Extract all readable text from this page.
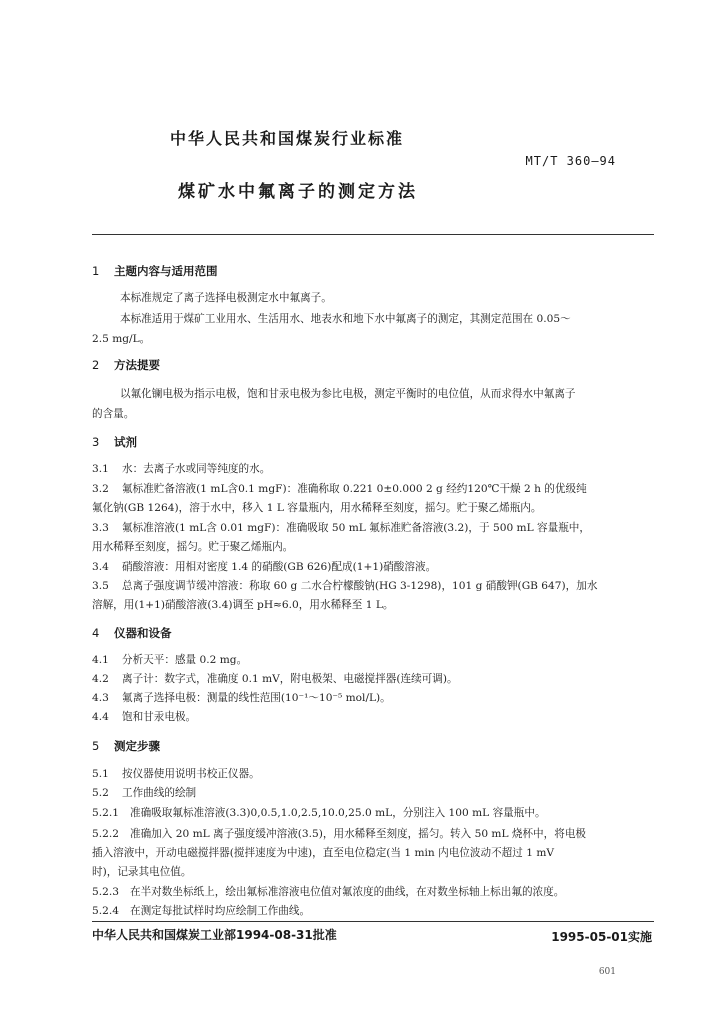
中华人民共和国煤炭行业标准
MT/T 360—94
煤矿水中氟离子的测定方法
1 主题内容与适用范围
本标准规定了离子选择电极测定水中氟离子。
本标准适用于煤矿工业用水、生活用水、地表水和地下水中氟离子的测定，其测定范围在 0.05～
2.5 mg/L。
2 方法提要
以氟化镧电极为指示电极，饱和甘汞电极为参比电极，测定平衡时的电位值，从而求得水中氟离子
的含量。
3 试剂
3.1 水：去离子水或同等纯度的水。
3.2 氟标准贮备溶液(1 mL含0.1 mgF)：准确称取 0.221 0±0.000 2 g 经约120℃干燥 2 h 的优级纯
氟化钠(GB 1264)，溶于水中，移入 1 L 容量瓶内，用水稀释至刻度，摇匀。贮于聚乙烯瓶内。
3.3 氟标准溶液(1 mL含 0.01 mgF)：准确吸取 50 mL 氟标准贮备溶液(3.2)，于 500 mL 容量瓶中，
用水稀释至刻度，摇匀。贮于聚乙烯瓶内。
3.4 硝酸溶液：用相对密度 1.4 的硝酸(GB 626)配成(1+1)硝酸溶液。
3.5 总离子强度调节缓冲溶液：称取 60 g 二水合柠檬酸钠(HG 3-1298)，101 g 硝酸钾(GB 647)，加水
溶解，用(1+1)硝酸溶液(3.4)调至 pH≈6.0，用水稀释至 1 L。
4 仪器和设备
4.1 分析天平：感量 0.2 mg。
4.2 离子计：数字式，准确度 0.1 mV，附电极架、电磁搅拌器(连续可调)。
4.3 氟离子选择电极：测量的线性范围(10⁻¹～10⁻⁵ mol/L)。
4.4 饱和甘汞电极。
5 测定步骤
5.1 按仪器使用说明书校正仪器。
5.2 工作曲线的绘制
5.2.1 准确吸取氟标准溶液(3.3)0,0.5,1.0,2.5,10.0,25.0 mL，分别注入 100 mL 容量瓶中。
5.2.2 准确加入 20 mL 离子强度缓冲溶液(3.5)，用水稀释至刻度，摇匀。转入 50 mL 烧杯中，将电极
插入溶液中，开动电磁搅拌器(搅拌速度为中速)，直至电位稳定(当 1 min 内电位波动不超过 1 mV
时)，记录其电位值。
5.2.3 在半对数坐标纸上，绘出氟标准溶液电位值对氟浓度的曲线，在对数坐标轴上标出氟的浓度。
5.2.4 在测定每批试样时均应绘制工作曲线。
中华人民共和国煤炭工业部1994-08-31批准	1995-05-01实施
601
